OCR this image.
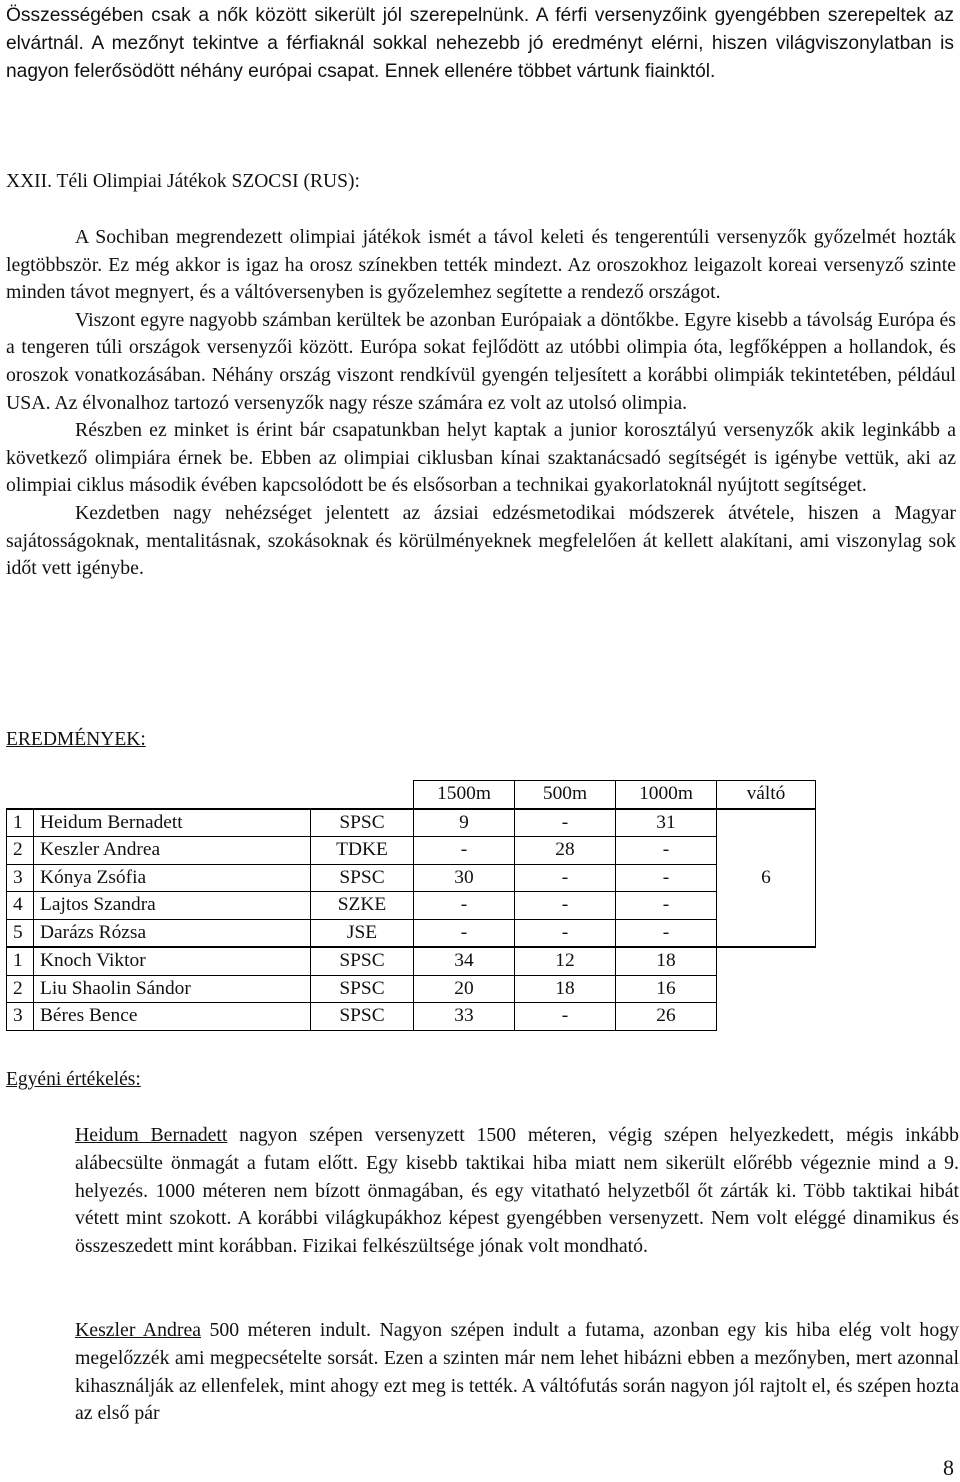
Összességében csak a nők között sikerült jól szerepelnünk. A férfi versenyzőink gyengébben szerepeltek az elvártnál. A mezőnyt tekintve a férfiaknál sokkal nehezebb jó eredményt elérni, hiszen világviszonylatban is nagyon felerősödött néhány európai csapat. Ennek ellenére többet vártunk fiainktól.
XXII. Téli Olimpiai Játékok SZOCSI (RUS):

A Sochiban megrendezett olimpiai játékok ismét a távol keleti és tengerentúli versenyzők győzelmét hozták legtöbbször. Ez még akkor is igaz ha orosz színekben tették mindezt. Az oroszokhoz leigazolt koreai versenyző szinte minden távot megnyert, és a váltóversenyben is győzelemhez segítette a rendező országot.

Viszont egyre nagyobb számban kerültek be azonban Európaiak a döntőkbe. Egyre kisebb a távolság Európa és a tengeren túli országok versenyzői között. Európa sokat fejlődött az utóbbi olimpia óta, legfőképpen a hollandok, és oroszok vonatkozásában. Néhány ország viszont rendkívül gyengén teljesített a korábbi olimpiák tekintetében, például USA. Az élvonalhoz tartozó versenyzők nagy része számára ez volt az utolsó olimpia.

Részben ez minket is érint bár csapatunkban helyt kaptak a junior korosztályú versenyzők akik leginkább a következő olimpiára érnek be. Ebben az olimpiai ciklusban kínai szaktanácsadó segítségét is igénybe vettük, aki az olimpiai ciklus második évében kapcsolódott be és elsősorban a technikai gyakorlatoknál nyújtott segítséget.

Kezdetben nagy nehézséget jelentett az ázsiai edzésmetodikai módszerek átvétele, hiszen a Magyar sajátosságoknak, mentalitásnak, szokásoknak és körülményeknek megfelelően át kellett alakítani, ami viszonylag sok időt vett igénybe.

EREDMÉNYEK:
			1500m	500m	1000m	váltó
1	Heidum Bernadett	SPSC	9	-	31	6
2	Keszler Andrea	TDKE	-	28	-	
3	Kónya Zsófia	SPSC	30	-	-	
4	Lajtos Szandra	SZKE	-	-	-	
5	Darázs Rózsa	JSE	-	-	-	
1	Knoch Viktor	SPSC	34	12	18	
2	Liu Shaolin Sándor	SPSC	20	18	16	
3	Béres Bence	SPSC	33	-	26	
Egyéni értékelés:

Heidum Bernadett nagyon szépen versenyzett 1500 méteren, végig szépen helyezkedett, mégis inkább alábecsülte önmagát a futam előtt. Egy kisebb taktikai hiba miatt nem sikerült előrébb végeznie mind a 9. helyezés. 1000 méteren nem bízott önmagában, és egy vitatható helyzetből őt zárták ki. Több taktikai hibát vétett mint szokott. A korábbi világkupákhoz képest gyengébben versenyzett. Nem volt eléggé dinamikus és összeszedett mint korábban. Fizikai felkészültsége jónak volt mondható.

Keszler Andrea 500 méteren indult. Nagyon szépen indult a futama, azonban egy kis hiba elég volt hogy megelőzzék ami megpecsételte sorsát. Ezen a szinten már nem lehet hibázni ebben a mezőnyben, mert azonnal kihasználják az ellenfelek, mint ahogy ezt meg is tették. A váltófutás során nagyon jól rajtolt el, és szépen hozta az első pár

8
